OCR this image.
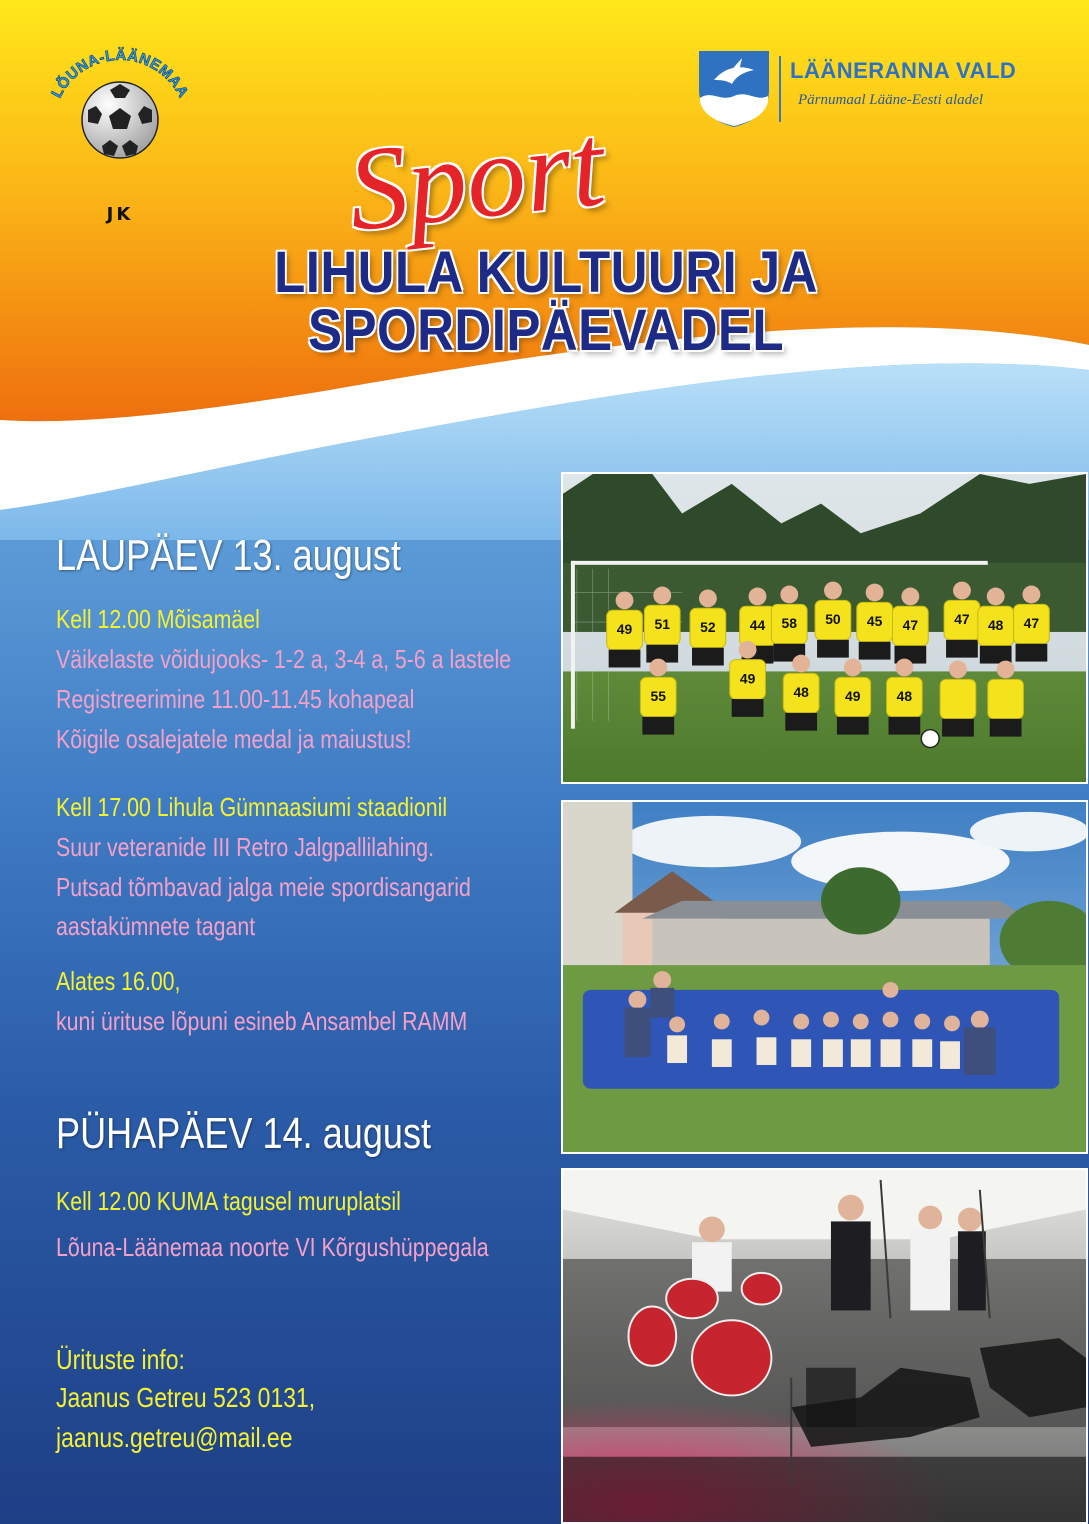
LÕUNA-LÄÄNEMAA
JK
LÄÄNERANNA VALD
Pärnumaal Lääne-Eesti aladel
Sport
LIHULA KULTUURI JA SPORDIPÄEVADEL
LAUPÄEV 13. august
Kell 12.00 Mõisamäel
Väikelaste võidujooks- 1-2 a, 3-4 a, 5-6 a lastele
Registreerimine 11.00-11.45 kohapeal
Kõigile osalejatele medal ja maiustus!
Kell 17.00 Lihula Gümnaasiumi staadionil
Suur veteranide III Retro Jalgpallilahing.
Putsad tõmbavad jalga meie spordisangarid
aastakümnete tagant
Alates 16.00,
kuni ürituse lõpuni esineb Ansambel RAMM
PÜHAPÄEV 14. august
Kell 12.00 KUMA tagusel muruplatsil
Lõuna-Läänemaa noorte VI Kõrgushüppegala
Ürituste info:
Jaanus Getreu 523 0131,
jaanus.getreu@mail.ee
49 51 52 44 58 50 45 47	47 48 47
55
49
48	49	48
